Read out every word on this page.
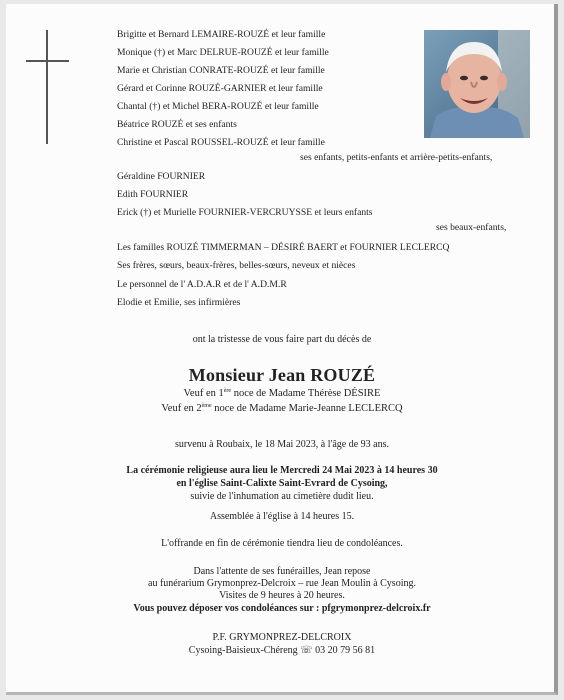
Brigitte et Bernard LEMAIRE-ROUZÉ et leur famille
Monique (†) et Marc DELRUE-ROUZÉ et leur famille
Marie et Christian CONRATE-ROUZÉ et leur famille
Gérard et Corinne ROUZÉ-GARNIER et leur famille
Chantal (†) et Michel BERA-ROUZÉ et leur famille
Béatrice ROUZÉ et ses enfants
Christine et Pascal ROUSSEL-ROUZÉ et leur famille
ses enfants, petits-enfants et arrière-petits-enfants,
Géraldine FOURNIER
Edith FOURNIER
Erick (†) et Murielle FOURNIER-VERCRUYSSE et leurs enfants
ses beaux-enfants,
Les familles ROUZÉ TIMMERMAN – DÉSIRÉ BAERT et FOURNIER LECLERCQ
Ses frères, sœurs, beaux-frères, belles-sœurs, neveux et nièces
Le personnel de l' A.D.A.R et de l' A.D.M.R
Elodie et Emilie, ses infirmières
ont la tristesse de vous faire part du décès de
Monsieur Jean ROUZÉ
Veuf en 1ère noce de Madame Thérèse DÉSIRE
Veuf en 2ème noce de Madame Marie-Jeanne LECLERCQ
survenu à Roubaix, le 18 Mai 2023, à l'âge de 93 ans.
La cérémonie religieuse aura lieu le Mercredi 24 Mai 2023 à 14 heures 30
en l'église Saint-Calixte Saint-Evrard de Cysoing,
suivie de l'inhumation au cimetière dudit lieu.
Assemblée à l'église à 14 heures 15.
L'offrande en fin de cérémonie tiendra lieu de condoléances.
Dans l'attente de ses funérailles, Jean repose
au funérarium Grymonprez-Delcroix – rue Jean Moulin à Cysoing.
Visites de 9 heures à 20 heures.
Vous pouvez déposer vos condoléances sur : pfgrymonprez-delcroix.fr
P.F. GRYMONPREZ-DELCROIX
Cysoing-Baisieux-Chéreng ☏ 03 20 79 56 81
